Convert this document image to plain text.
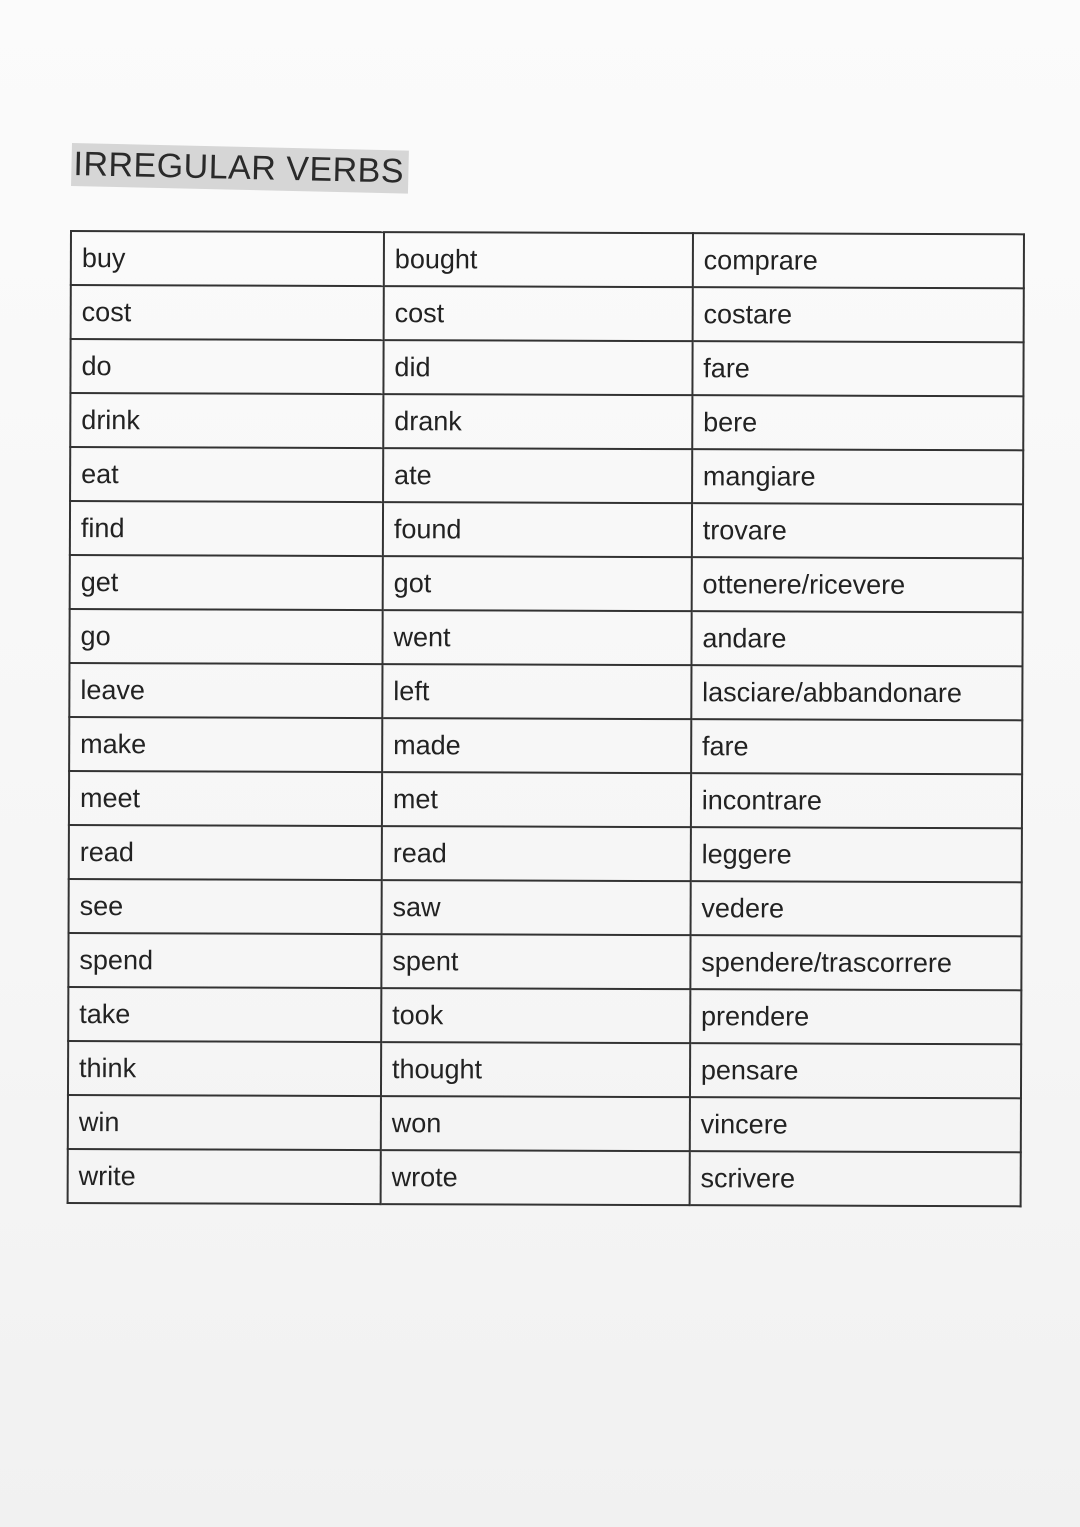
IRREGULAR VERBS
buy	bought	comprare
cost	cost	costare
do	did	fare
drink	drank	bere
eat	ate	mangiare
find	found	trovare
get	got	ottenere/ricevere
go	went	andare
leave	left	lasciare/abbandonare
make	made	fare
meet	met	incontrare
read	read	leggere
see	saw	vedere
spend	spent	spendere/trascorrere
take	took	prendere
think	thought	pensare
win	won	vincere
write	wrote	scrivere
